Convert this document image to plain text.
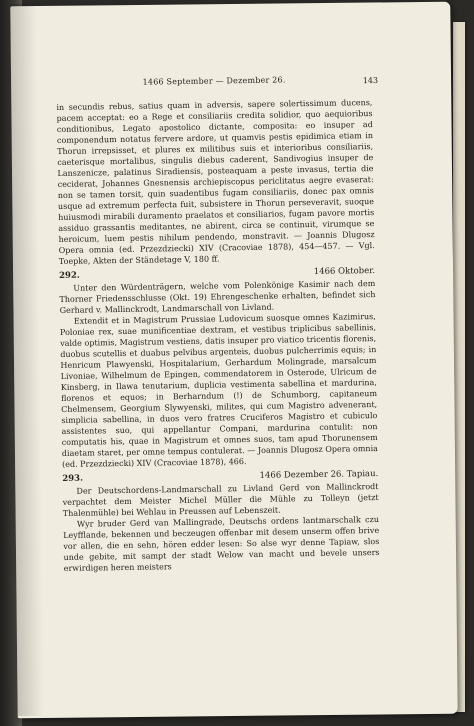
1466 September — Dezember 26.	143

in secundis rebus, satius quam in adversis, sapere solertissimum ducens, pacem acceptat: eo a Rege et consiliariis credita solidior, quo aequioribus conditionibus, Legato apostolico dictante, composita: eo insuper ad componendum notatus fervere ardore, ut quamvis pestis epidimica etiam in Thorun irrepsisset, et plures ex militibus suis et interioribus consiliariis, caeterisque mortalibus, singulis diebus caderent, Sandivogius insuper de Lanszenicze, palatinus Siradiensis, posteaquam a peste invasus, tertia die ceciderat, Johannes Gnesnensis archiepiscopus periclitatus aegre evaserat: non se tamen torsit, quin suadentibus fugam consiliariis, donec pax omnis usque ad extremum perfecta fuit, subsistere in Thorun perseveravit, suoque huiusmodi mirabili duramento praelatos et consiliarios, fugam pavore mortis assiduo grassantis meditantes, ne abirent, circa se continuit, virumque se heroicum, luem pestis nihilum pendendo, monstravit. — Joannis Dlugosz Opera omnia (ed. Przezdziecki) XIV (Cracoviae 1878), 454—457. — Vgl. Toepke, Akten der Ständetage V, 180 ff.

292.	1466 Oktober.

Unter den Würdenträgern, welche vom Polenkönige Kasimir nach dem Thorner Friedensschlusse (Okt. 19) Ehrengeschenke erhalten, befindet sich Gerhard v. Mallinckrodt, Landmarschall von Livland.

Extendit et in Magistrum Prussiae Ludovicum suosque omnes Kazimirus, Poloniae rex, suae munificentiae dextram, et vestibus triplicibus sabellinis, valde optimis, Magistrum vestiens, datis insuper pro viatico tricentis florenis, duobus scutellis et duabus pelvibus argenteis, duobus pulcherrimis equis; in Henricum Plawyenski, Hospitalarium, Gerhardum Molingrade, marsalcum Livoniae, Wilhelmum de Epingen, commendatorem in Osterode, Ulricum de Kinsberg, in Ilawa tenutarium, duplicia vestimenta sabellina et mardurina, florenos et equos; in Berharndum (!) de Schumborg, capitaneum Chelmensem, Georgium Slywyenski, milites, qui cum Magistro advenerant, simplicia sabellina, in duos vero fratres Cruciferos Magistro et cubiculo assistentes suo, qui appellantur Compani, mardurina contulit: non computatis his, quae in Magistrum et omnes suos, tam apud Thorunensem diaetam staret, per omne tempus contulerat. — Joannis Dlugosz Opera omnia (ed. Przezdziecki) XIV (Cracoviae 1878), 466.

293.	1466 Dezember 26. Tapiau.

Der Deutschordens-Landmarschall zu Livland Gerd von Mallinckrodt verpachtet dem Meister Michel Müller die Mühle zu Tolleyn (jetzt Thalenmühle) bei Wehlau in Preussen auf Lebenszeit.

Wyr bruder Gerd van Mallingrade, Deutschs ordens lantmarschalk czu Leyfflande, bekennen und beczeugen offenbar mit desem unserm offen brive vor allen, die en sehn, hören edder lesen: So alse wyr denne Tapiaw, slos unde gebite, mit sampt der stadt Welow van macht und bevele unsers erwirdigen heren meisters
